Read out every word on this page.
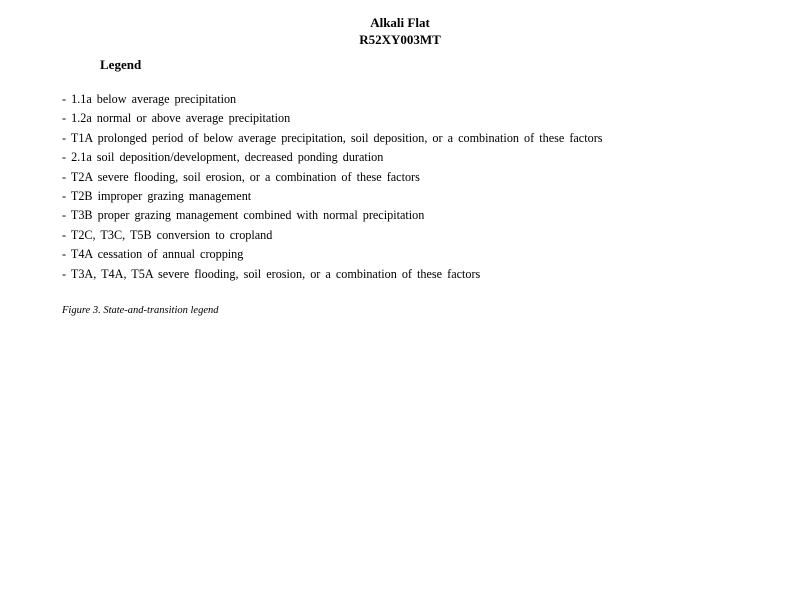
Alkali Flat
R52XY003MT
Legend
- 1.1a below average precipitation
- 1.2a normal or above average precipitation
- T1A prolonged period of below average precipitation, soil deposition, or a combination of these factors
- 2.1a soil deposition/development, decreased ponding duration
- T2A severe flooding, soil erosion, or a combination of these factors
- T2B improper grazing management
- T3B proper grazing management combined with normal precipitation
- T2C, T3C, T5B conversion to cropland
- T4A cessation of annual cropping
- T3A, T4A, T5A severe flooding, soil erosion, or a combination of these factors
Figure 3. State-and-transition legend
